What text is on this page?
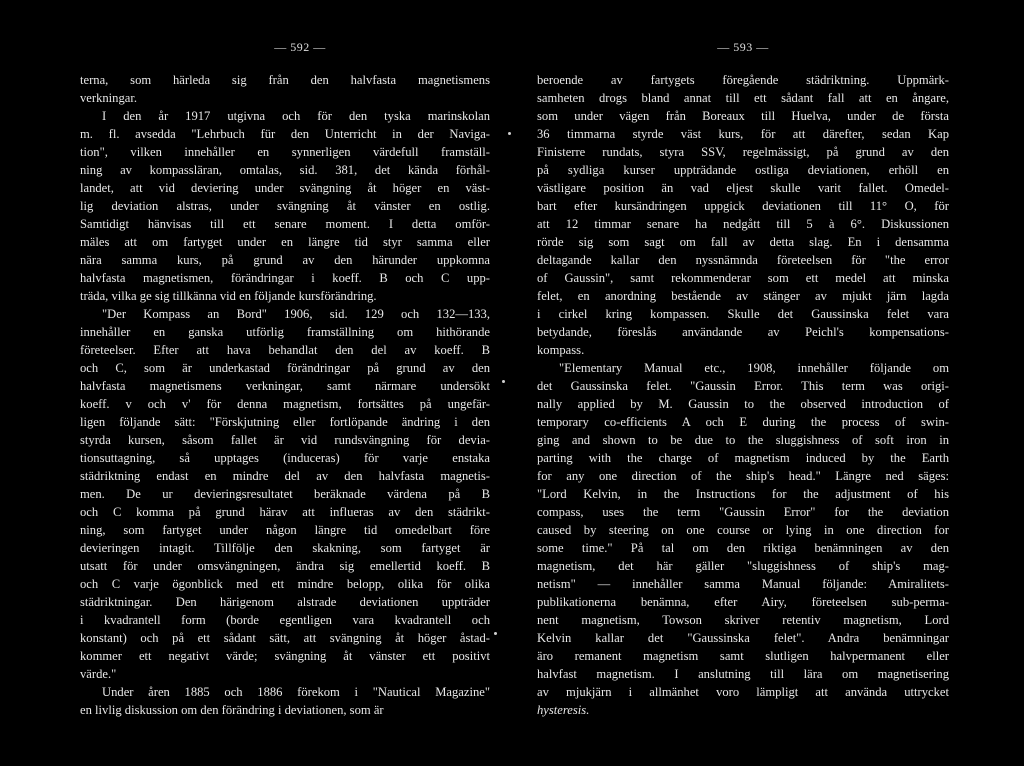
— 592 —
terna, som härleda sig från den halvfasta magnetismens
verkningar.
I den år 1917 utgivna och för den tyska marinskolan
m. fl. avsedda "Lehrbuch für den Unterricht in der Naviga-
tion", vilken innehåller en synnerligen värdefull framställ-
ning av kompassläran, omtalas, sid. 381, det kända förhål-
landet, att vid deviering under svängning åt höger en väst-
lig deviation alstras, under svängning åt vänster en ostlig.
Samtidigt hänvisas till ett senare moment. I detta omför-
mäles att om fartyget under en längre tid styr samma eller
nära samma kurs, på grund av den härunder uppkomna
halvfasta magnetismen, förändringar i koeff. B och C upp-
träda, vilka ge sig tillkänna vid en följande kursförändring.
"Der Kompass an Bord" 1906, sid. 129 och 132—133,
innehåller en ganska utförlig framställning om hithörande
företeelser. Efter att hava behandlat den del av koeff. B
och C, som är underkastad förändringar på grund av den
halvfasta magnetismens verkningar, samt närmare undersökt
koeff. v och v' för denna magnetism, fortsättes på ungefär-
ligen följande sätt: "Förskjutning eller fortlöpande ändring i den
styrda kursen, såsom fallet är vid rundsvängning för devia-
tionsuttagning, så upptages (induceras) för varje enstaka
städriktning endast en mindre del av den halvfasta magnetis-
men. De ur devieringsresultatet beräknade värdena på B
och C komma på grund härav att influeras av den städrikt-
ning, som fartyget under någon längre tid omedelbart före
devieringen intagit. Tillfölje den skakning, som fartyget är
utsatt för under omsvängningen, ändra sig emellertid koeff. B
och C varje ögonblick med ett mindre belopp, olika för olika
städriktningar. Den härigenom alstrade deviationen uppträder
i kvadrantell form (borde egentligen vara kvadrantell och
konstant) och på ett sådant sätt, att svängning åt höger åstad-
kommer ett negativt värde; svängning åt vänster ett positivt
värde."
Under åren 1885 och 1886 förekom i "Nautical Magazine"
en livlig diskussion om den förändring i deviationen, som är
— 593 —
beroende av fartygets föregående städriktning. Uppmärk-
samheten drogs bland annat till ett sådant fall att en ångare,
som under vägen från Boreaux till Huelva, under de första
36 timmarna styrde väst kurs, för att därefter, sedan Kap
Finisterre rundats, styra SSV, regelmässigt, på grund av den
på sydliga kurser uppträdande ostliga deviationen, erhöll en
västligare position än vad eljest skulle varit fallet. Omedel-
bart efter kursändringen uppgick deviationen till 11° O, för
att 12 timmar senare ha nedgått till 5 à 6°. Diskussionen
rörde sig som sagt om fall av detta slag. En i densamma
deltagande kallar den nyssnämnda företeelsen för "the error
of Gaussin", samt rekommenderar som ett medel att minska
felet, en anordning bestående av stänger av mjukt järn lagda
i cirkel kring kompassen. Skulle det Gaussinska felet vara
betydande, föreslås användande av Peichl's kompensations-
kompass.
"Elementary Manual etc., 1908, innehåller följande om
det Gaussinska felet. "Gaussin Error. This term was origi-
nally applied by M. Gaussin to the observed introduction of
temporary co-efficients A och E during the process of swin-
ging and shown to be due to the sluggishness of soft iron in
parting with the charge of magnetism induced by the Earth
for any one direction of the ship's head." Längre ned säges:
"Lord Kelvin, in the Instructions for the adjustment of his
compass, uses the term "Gaussin Error" for the deviation
caused by steering on one course or lying in one direction for
some time." På tal om den riktiga benämningen av den
magnetism, det här gäller "sluggishness of ship's mag-
netism" — innehåller samma Manual följande: Amiralitets-
publikationerna benämna, efter Airy, företeelsen sub-perma-
nent magnetism, Towson skriver retentiv magnetism, Lord
Kelvin kallar det "Gaussinska felet". Andra benämningar
äro remanent magnetism samt slutligen halvpermanent eller
halvfast magnetism. I anslutning till lära om magnetisering
av mjukjärn i allmänhet voro lämpligt att använda uttrycket
hysteresis.
